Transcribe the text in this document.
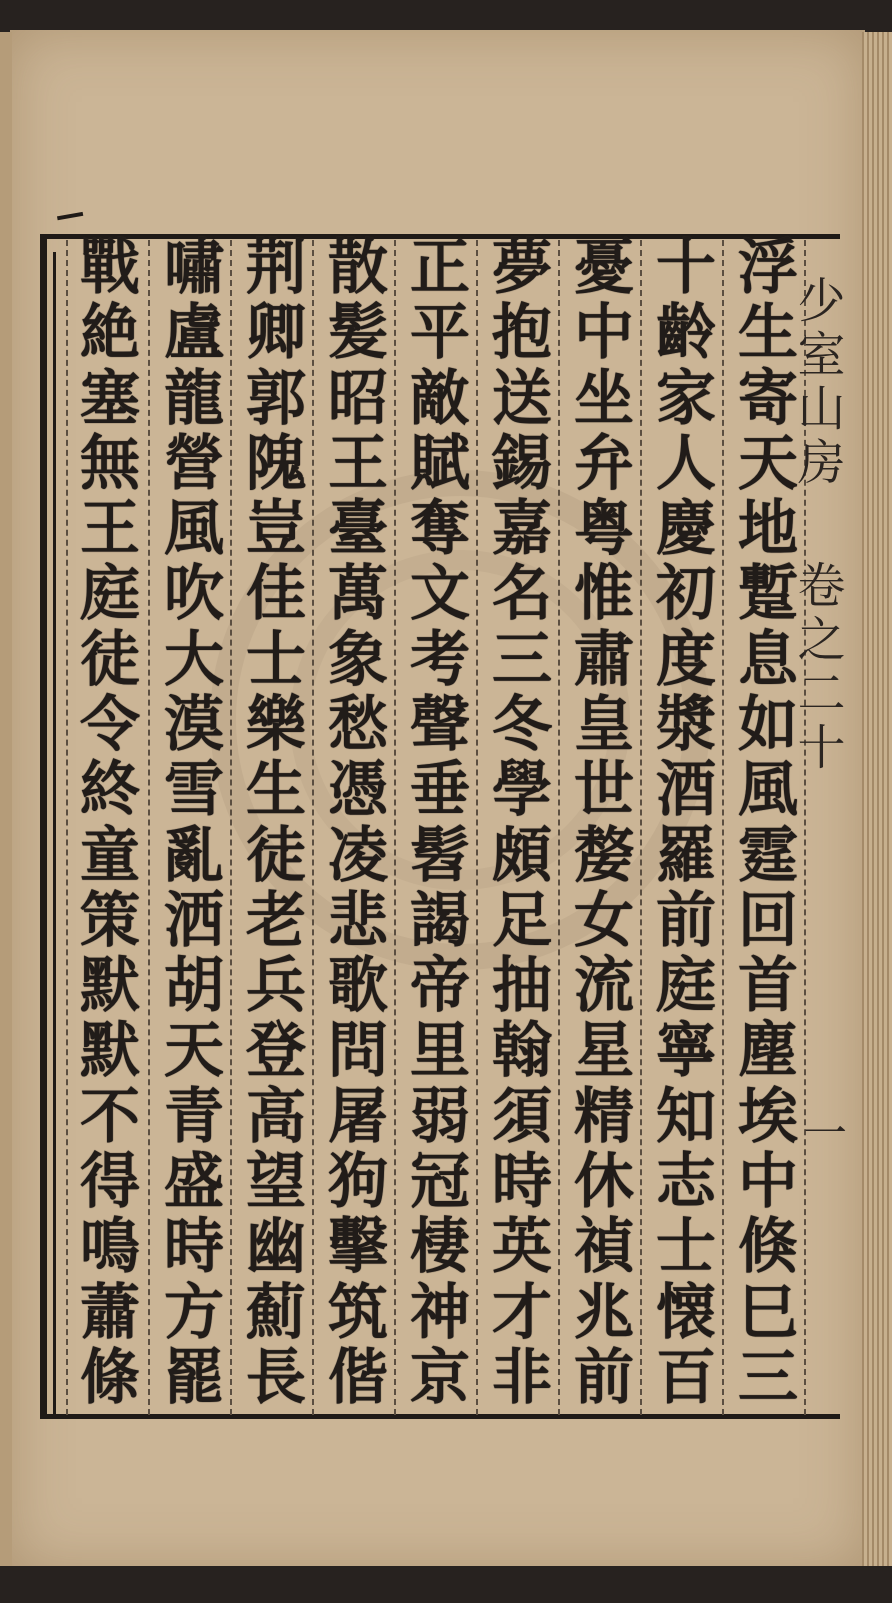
浮
生
寄
天
地
蹔
息
如
風
霆
回
首
塵
埃
中
倏
巳
三
十
齡
家
人
慶
初
度
漿
酒
羅
前
庭
寧
知
志
士
懐
百
憂
中
坐
弁
粤
惟
肅
皇
世
嫠
女
流
星
精
休
禎
兆
前
夢
抱
送
錫
嘉
名
三
冬
學
頗
足
抽
翰
須
時
英
才
非
正
平
敵
賦
奪
文
考
聲
垂
髫
謁
帝
里
弱
冠
棲
神
京
散
髪
昭
王
臺
萬
象
愁
憑
凌
悲
歌
問
屠
狗
擊
筑
偕
荆
卿
郭
隗
豈
佳
士
樂
生
徒
老
兵
登
高
望
幽
薊
長
嘯
盧
龍
營
風
吹
大
漠
雪
亂
洒
胡
天
青
盛
時
方
罷
戰
絶
塞
無
王
庭
徒
令
終
童
策
默
默
不
得
鳴
蕭
條
少室山房
卷之二十
一
